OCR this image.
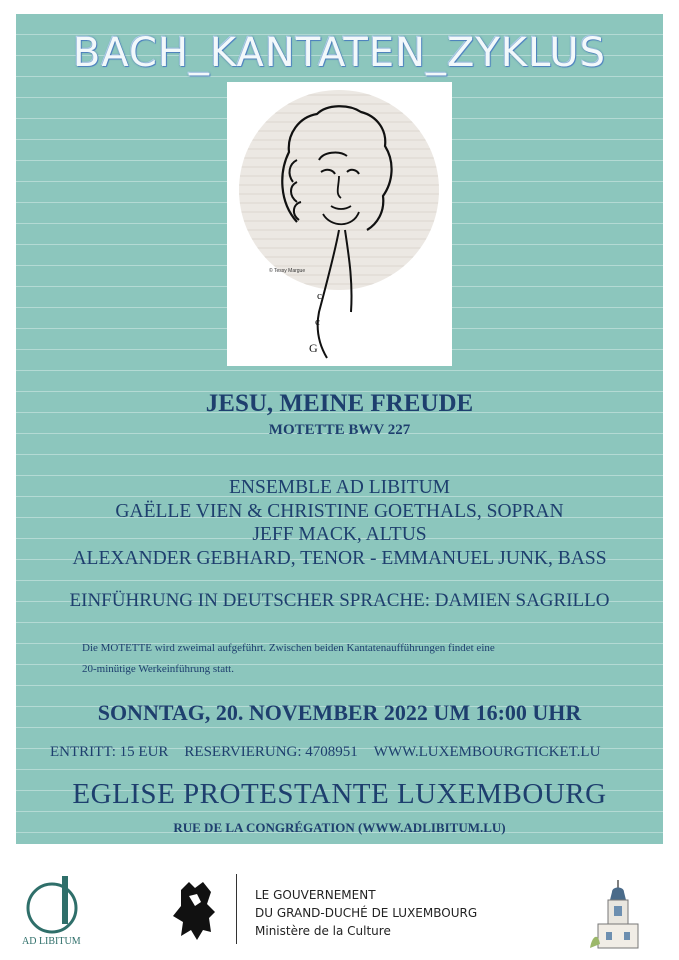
BACH_KANTATEN_ZYKLUS
c
c
G
© Tessy Margue
JESU, MEINE FREUDE
MOTETTE BWV 227
ENSEMBLE AD LIBITUM
GAËLLE VIEN & CHRISTINE GOETHALS, SOPRAN
JEFF MACK, ALTUS
ALEXANDER GEBHARD, TENOR - EMMANUEL JUNK, BASS
EINFÜHRUNG IN DEUTSCHER SPRACHE: DAMIEN SAGRILLO
Die MOTETTE wird zweimal aufgeführt. Zwischen beiden Kantatenaufführungen findet eine
20-minütige Werkeinführung statt.
SONNTAG, 20. NOVEMBER 2022 UM 16:00 UHR
ENTRITT: 15 EUR RESERVIERUNG: 4708951 WWW.LUXEMBOURGTICKET.LU
EGLISE PROTESTANTE LUXEMBOURG
RUE DE LA CONGRÉGATION (WWW.ADLIBITUM.LU)
AD LIBITUM
LE GOUVERNEMENT
DU GRAND-DUCHÉ DE LUXEMBOURG
Ministère de la Culture
